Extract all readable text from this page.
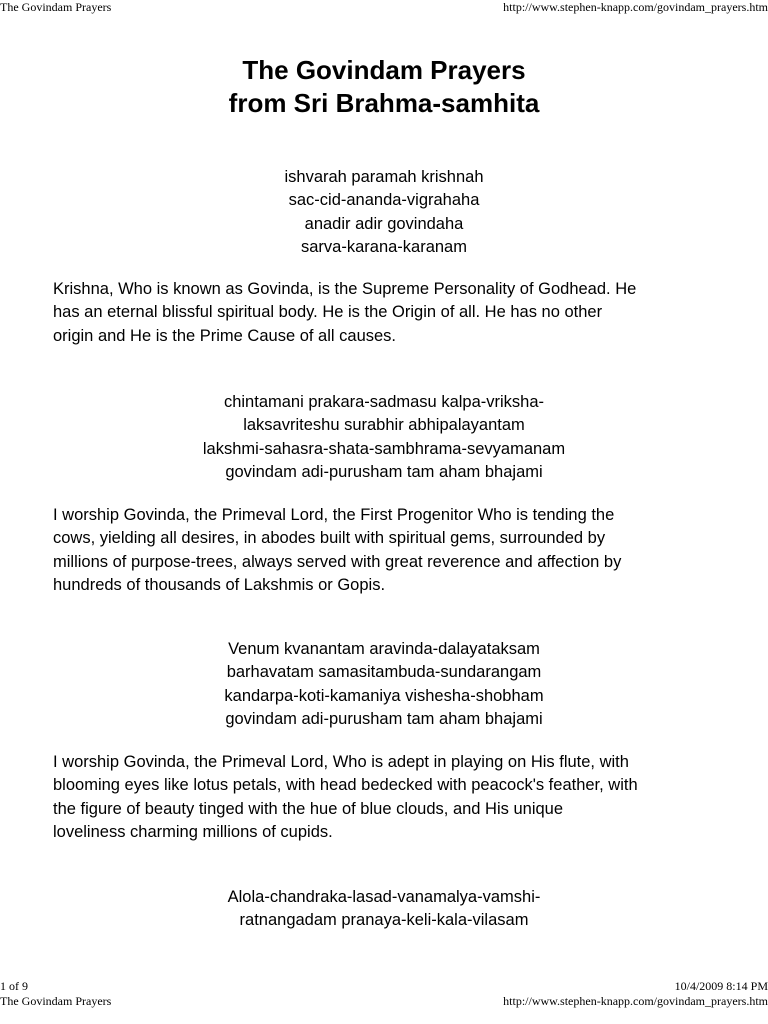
The Govindam Prayers	http://www.stephen-knapp.com/govindam_prayers.htm
The Govindam Prayers
from Sri Brahma-samhita
ishvarah paramah krishnah
sac-cid-ananda-vigrahaha
anadir adir govindaha
sarva-karana-karanam
Krishna, Who is known as Govinda, is the Supreme Personality of Godhead. He
has an eternal blissful spiritual body. He is the Origin of all. He has no other
origin and He is the Prime Cause of all causes.
chintamani prakara-sadmasu kalpa-vriksha-
laksavriteshu surabhir abhipalayantam
lakshmi-sahasra-shata-sambhrama-sevyamanam
govindam adi-purusham tam aham bhajami
I worship Govinda, the Primeval Lord, the First Progenitor Who is tending the
cows, yielding all desires, in abodes built with spiritual gems, surrounded by
millions of purpose-trees, always served with great reverence and affection by
hundreds of thousands of Lakshmis or Gopis.
Venum kvanantam aravinda-dalayataksam
barhavatam samasitambuda-sundarangam
kandarpa-koti-kamaniya vishesha-shobham
govindam adi-purusham tam aham bhajami
I worship Govinda, the Primeval Lord, Who is adept in playing on His flute, with
blooming eyes like lotus petals, with head bedecked with peacock's feather, with
the figure of beauty tinged with the hue of blue clouds, and His unique
loveliness charming millions of cupids.
Alola-chandraka-lasad-vanamalya-vamshi-
ratnangadam pranaya-keli-kala-vilasam
1 of 9	10/4/2009 8:14 PM
The Govindam Prayers	http://www.stephen-knapp.com/govindam_prayers.htm
